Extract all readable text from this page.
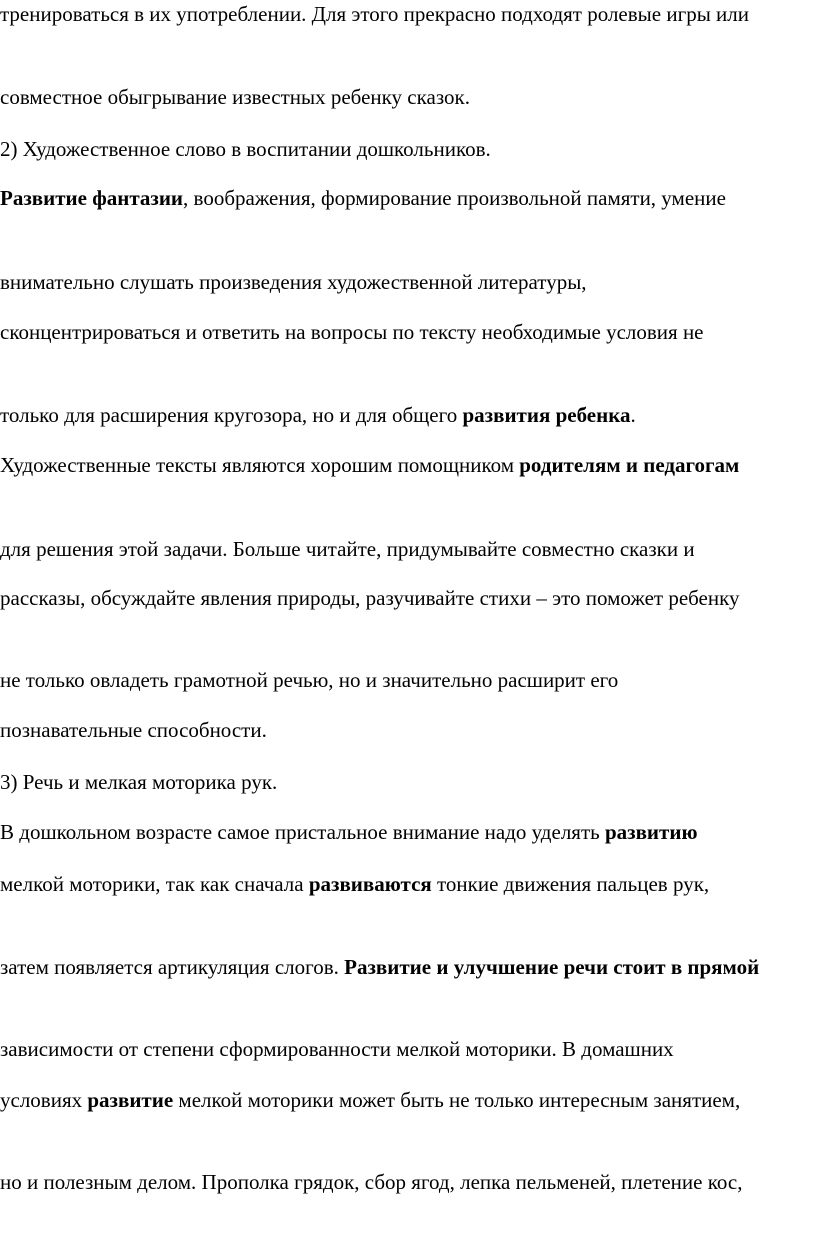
тренироваться в их употреблении. Для этого прекрасно подходят ролевые игры или
совместное обыгрывание известных ребенку сказок.
2) Художественное слово в воспитании дошкольников.
Развитие фантазии, воображения, формирование произвольной памяти, умение
внимательно слушать произведения художественной литературы,
сконцентрироваться и ответить на вопросы по тексту необходимые условия не
только для расширения кругозора, но и для общего развития ребенка.
Художественные тексты являются хорошим помощником родителям и педагогам
для решения этой задачи. Больше читайте, придумывайте совместно сказки и
рассказы, обсуждайте явления природы, разучивайте стихи – это поможет ребенку
не только овладеть грамотной речью, но и значительно расширит его
познавательные способности.
3) Речь и мелкая моторика рук.
В дошкольном возрасте самое пристальное внимание надо уделять развитию
мелкой моторики, так как сначала развиваются тонкие движения пальцев рук,
затем появляется артикуляция слогов. Развитие и улучшение речи стоит в прямой
зависимости от степени сформированности мелкой моторики. В домашних
условиях развитие мелкой моторики может быть не только интересным занятием,
но и полезным делом. Прополка грядок, сбор ягод, лепка пельменей, плетение кос,
